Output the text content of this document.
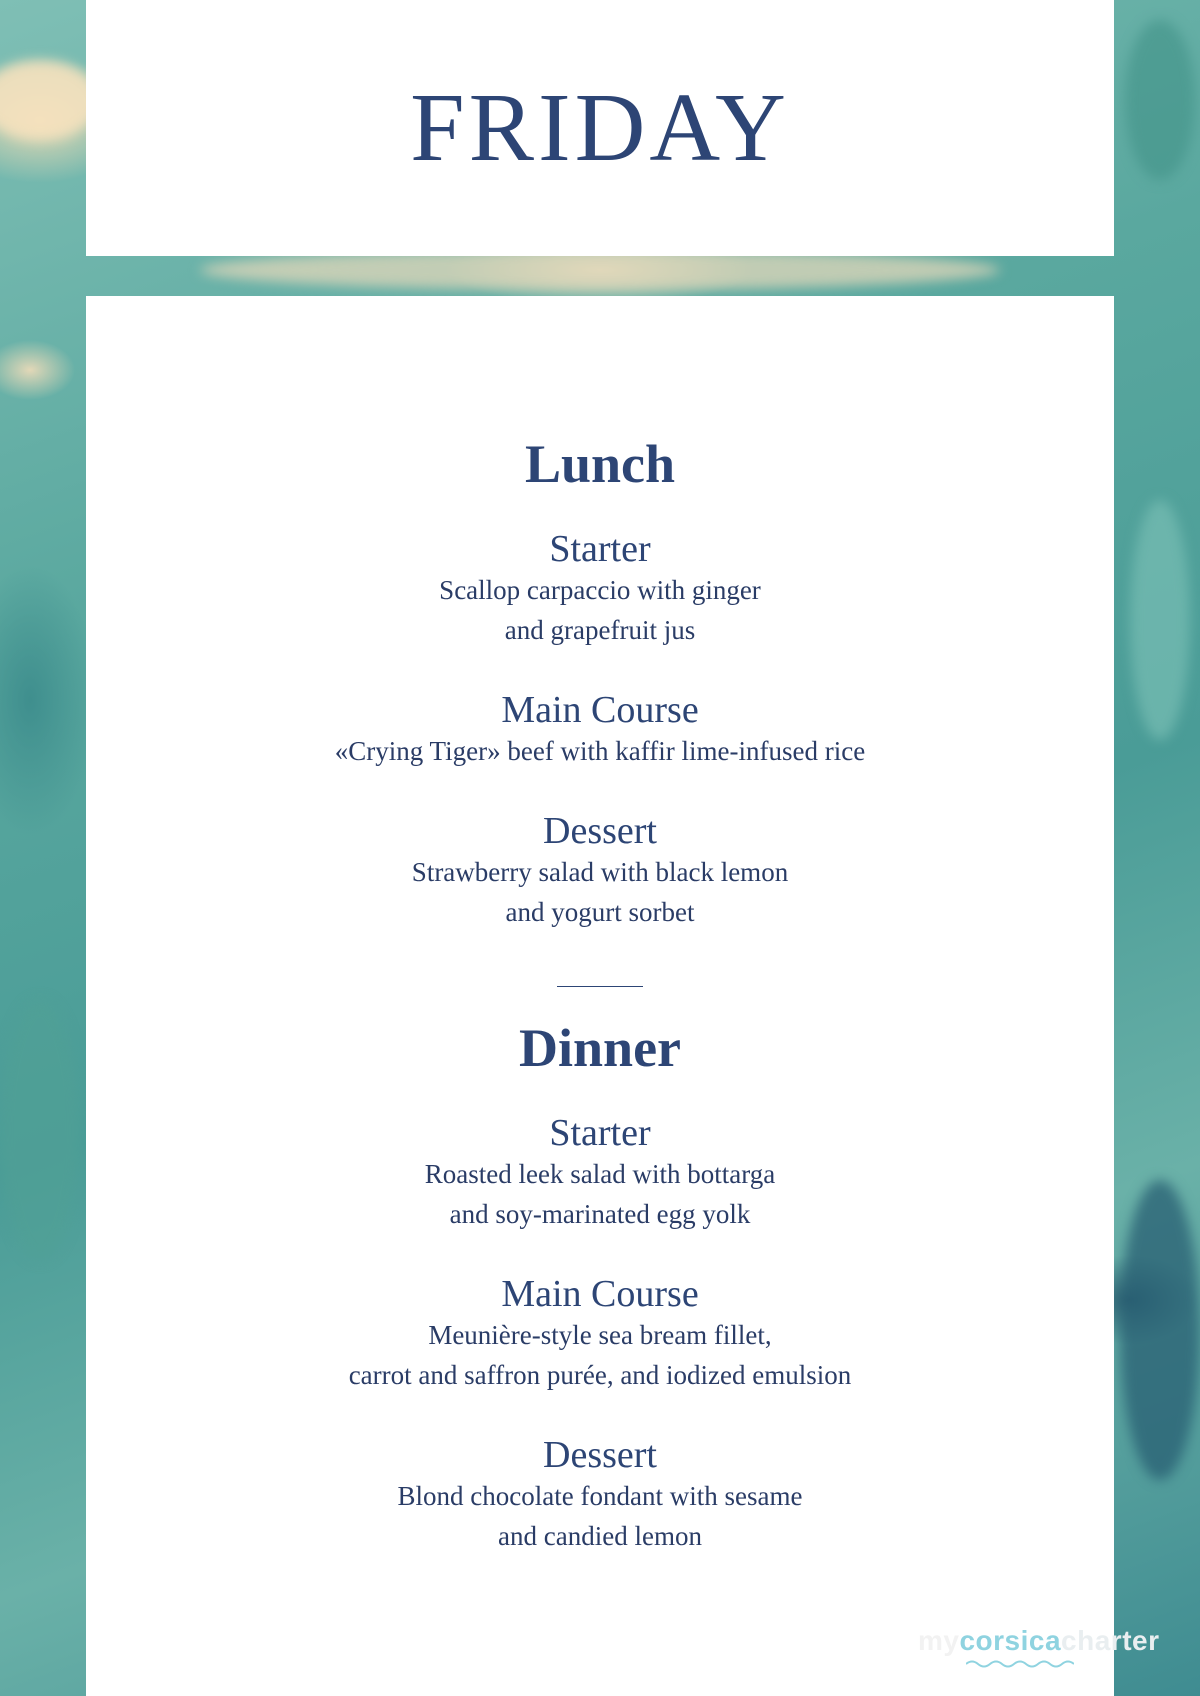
FRIDAY
Lunch
Starter

Scallop carpaccio with ginger

and grapefruit jus

Main Course

«Crying Tiger» beef with kaffir lime-infused rice

Dessert

Strawberry salad with black lemon

and yogurt sorbet

Dinner
Starter

Roasted leek salad with bottarga

and soy-marinated egg yolk

Main Course

Meunière-style sea bream fillet,

carrot and saffron purée, and iodized emulsion

Dessert

Blond chocolate fondant with sesame

and candied lemon

mycorsicacharter
